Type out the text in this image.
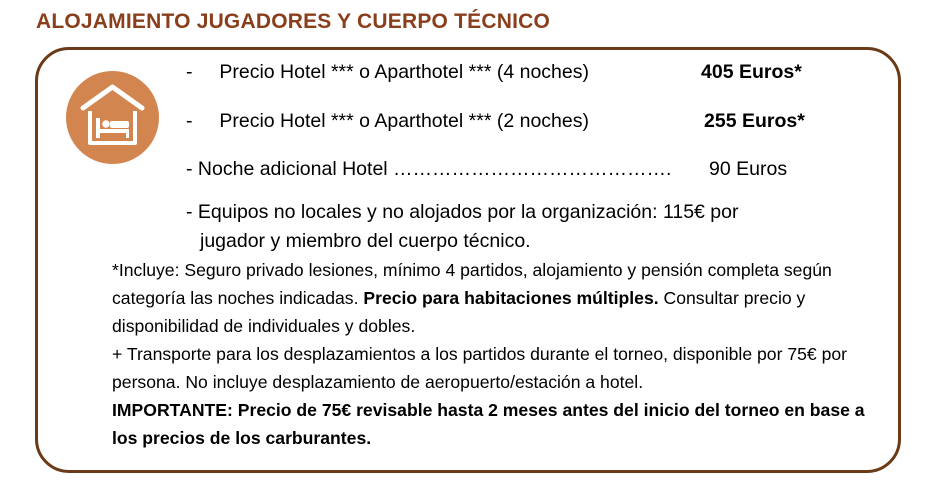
ALOJAMIENTO JUGADORES Y CUERPO TÉCNICO
- Precio Hotel *** o Aparthotel *** (4 noches)	405 Euros*
- Precio Hotel *** o Aparthotel *** (2 noches)	255 Euros*
- Noche adicional Hotel ……………………………………. 90 Euros
- Equipos no locales y no alojados por la organización: 115€ por
jugador y miembro del cuerpo técnico.

*Incluye: Seguro privado lesiones, mínimo 4 partidos, alojamiento y pensión completa según categoría las noches indicadas. Precio para habitaciones múltiples. Consultar precio y disponibilidad de individuales y dobles.

+ Transporte para los desplazamientos a los partidos durante el torneo, disponible por 75€ por persona. No incluye desplazamiento de aeropuerto/estación a hotel.

IMPORTANTE: Precio de 75€ revisable hasta 2 meses antes del inicio del torneo en base a los precios de los carburantes.
